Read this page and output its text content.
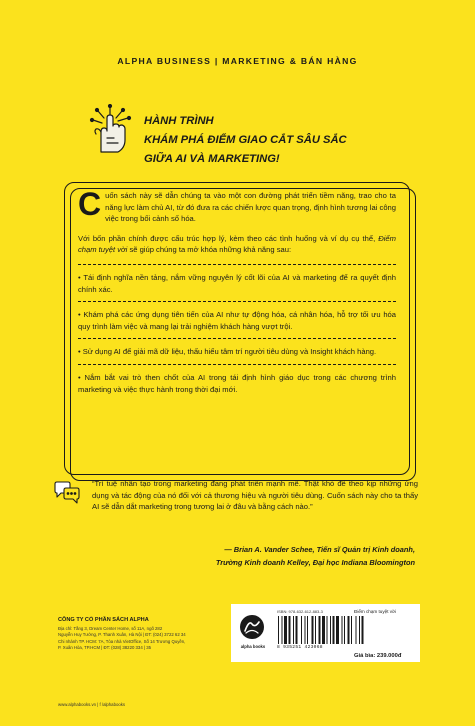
ALPHA BUSINESS | MARKETING & BÁN HÀNG
HÀNH TRÌNH
KHÁM PHÁ ĐIỂM GIAO CẮT SÂU SẮC
GIỮA AI VÀ MARKETING!

Cuốn sách này sẽ dẫn chúng ta vào một con đường phát triển tiềm năng, trao cho ta năng lực làm chủ AI, từ đó đưa ra các chiến lược quan trọng, định hình tương lai công việc trong bối cảnh số hóa.

Với bốn phần chính được cấu trúc hợp lý, kèm theo các tình huống và ví dụ cụ thể, Điểm chạm tuyệt vời sẽ giúp chúng ta mở khóa những khả năng sau:

• Tái định nghĩa nền tảng, nắm vững nguyên lý cốt lõi của AI và marketing để ra quyết định chính xác.
• Khám phá các ứng dụng tiên tiến của AI như tự động hóa, cá nhân hóa, hỗ trợ tối ưu hóa quy trình làm việc và mang lại trải nghiệm khách hàng vượt trội.
• Sử dụng AI để giải mã dữ liệu, thấu hiểu tâm trí người tiêu dùng và Insight khách hàng.
• Nắm bắt vai trò then chốt của AI trong tái định hình giáo dục trong các chương trình marketing và việc thực hành trong thời đại mới.
“Trí tuệ nhân tạo trong marketing đang phát triển mạnh mẽ. Thật khó để theo kịp những ứng dụng và tác động của nó đối với cả thương hiệu và người tiêu dùng. Cuốn sách này cho ta thấy AI sẽ dẫn dắt marketing trong tương lai ở đâu và bằng cách nào.”
— Brian A. Vander Schee, Tiến sĩ Quản trị Kinh doanh,
Trường Kinh doanh Kelley, Đại học Indiana Bloomington
CÔNG TY CỔ PHẦN SÁCH ALPHA
Địa chỉ: Tầng 3, Dream Center Home, số 11A, ngõ 282
Nguyễn Huy Tưởng, P. Thanh Xuân, Hà Nội | ĐT: (024) 3722 62 34
Chi nhánh TP. HCM: 7A, Tòa nhà VietOffice, Số 14 Trương Quyền,
P. Xuân Hòa, TP.HCM | ĐT: (028) 38220 334 | 35
www.alphabooks.vn | f /alphabooks
alpha books
ISBN: 978-632-612-883-3	Điểm chạm tuyệt vời
8 935251 423068
Giá bìa: 239.000đ
